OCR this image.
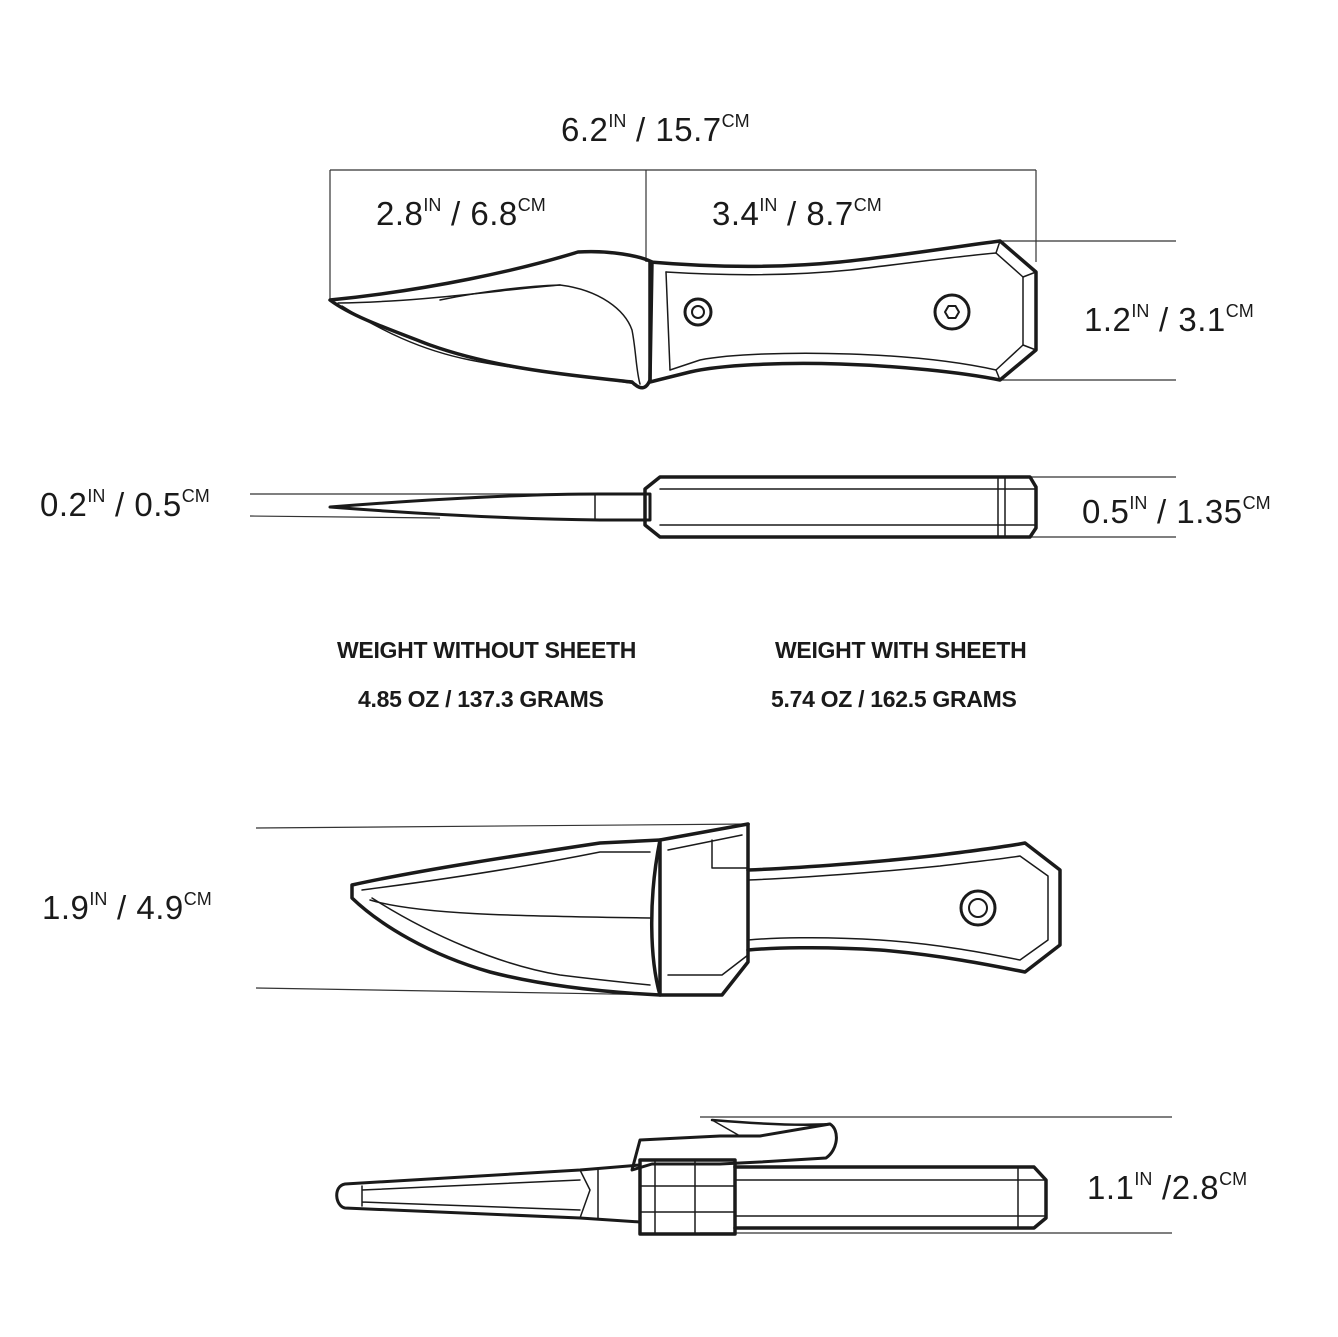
$6.2^{IN} / 15.7^{CM}$
$2.8^{IN} / 6.8^{CM}$	$3.4^{IN} / 8.7^{CM}$
$1.2^{IN} / 3.1^{CM}$
$0.2^{IN} / 0.5^{CM}$	$0.5^{IN} / 1.35^{CM}$
$1.9^{IN} / 4.9^{CM}$
$1.1^{IN}$ $/2.8^{CM}$
WEIGHT WITHOUT SHEETH
4.85 OZ / 137.3 GRAMS
WEIGHT WITH SHEETH
5.74 OZ / 162.5 GRAMS
